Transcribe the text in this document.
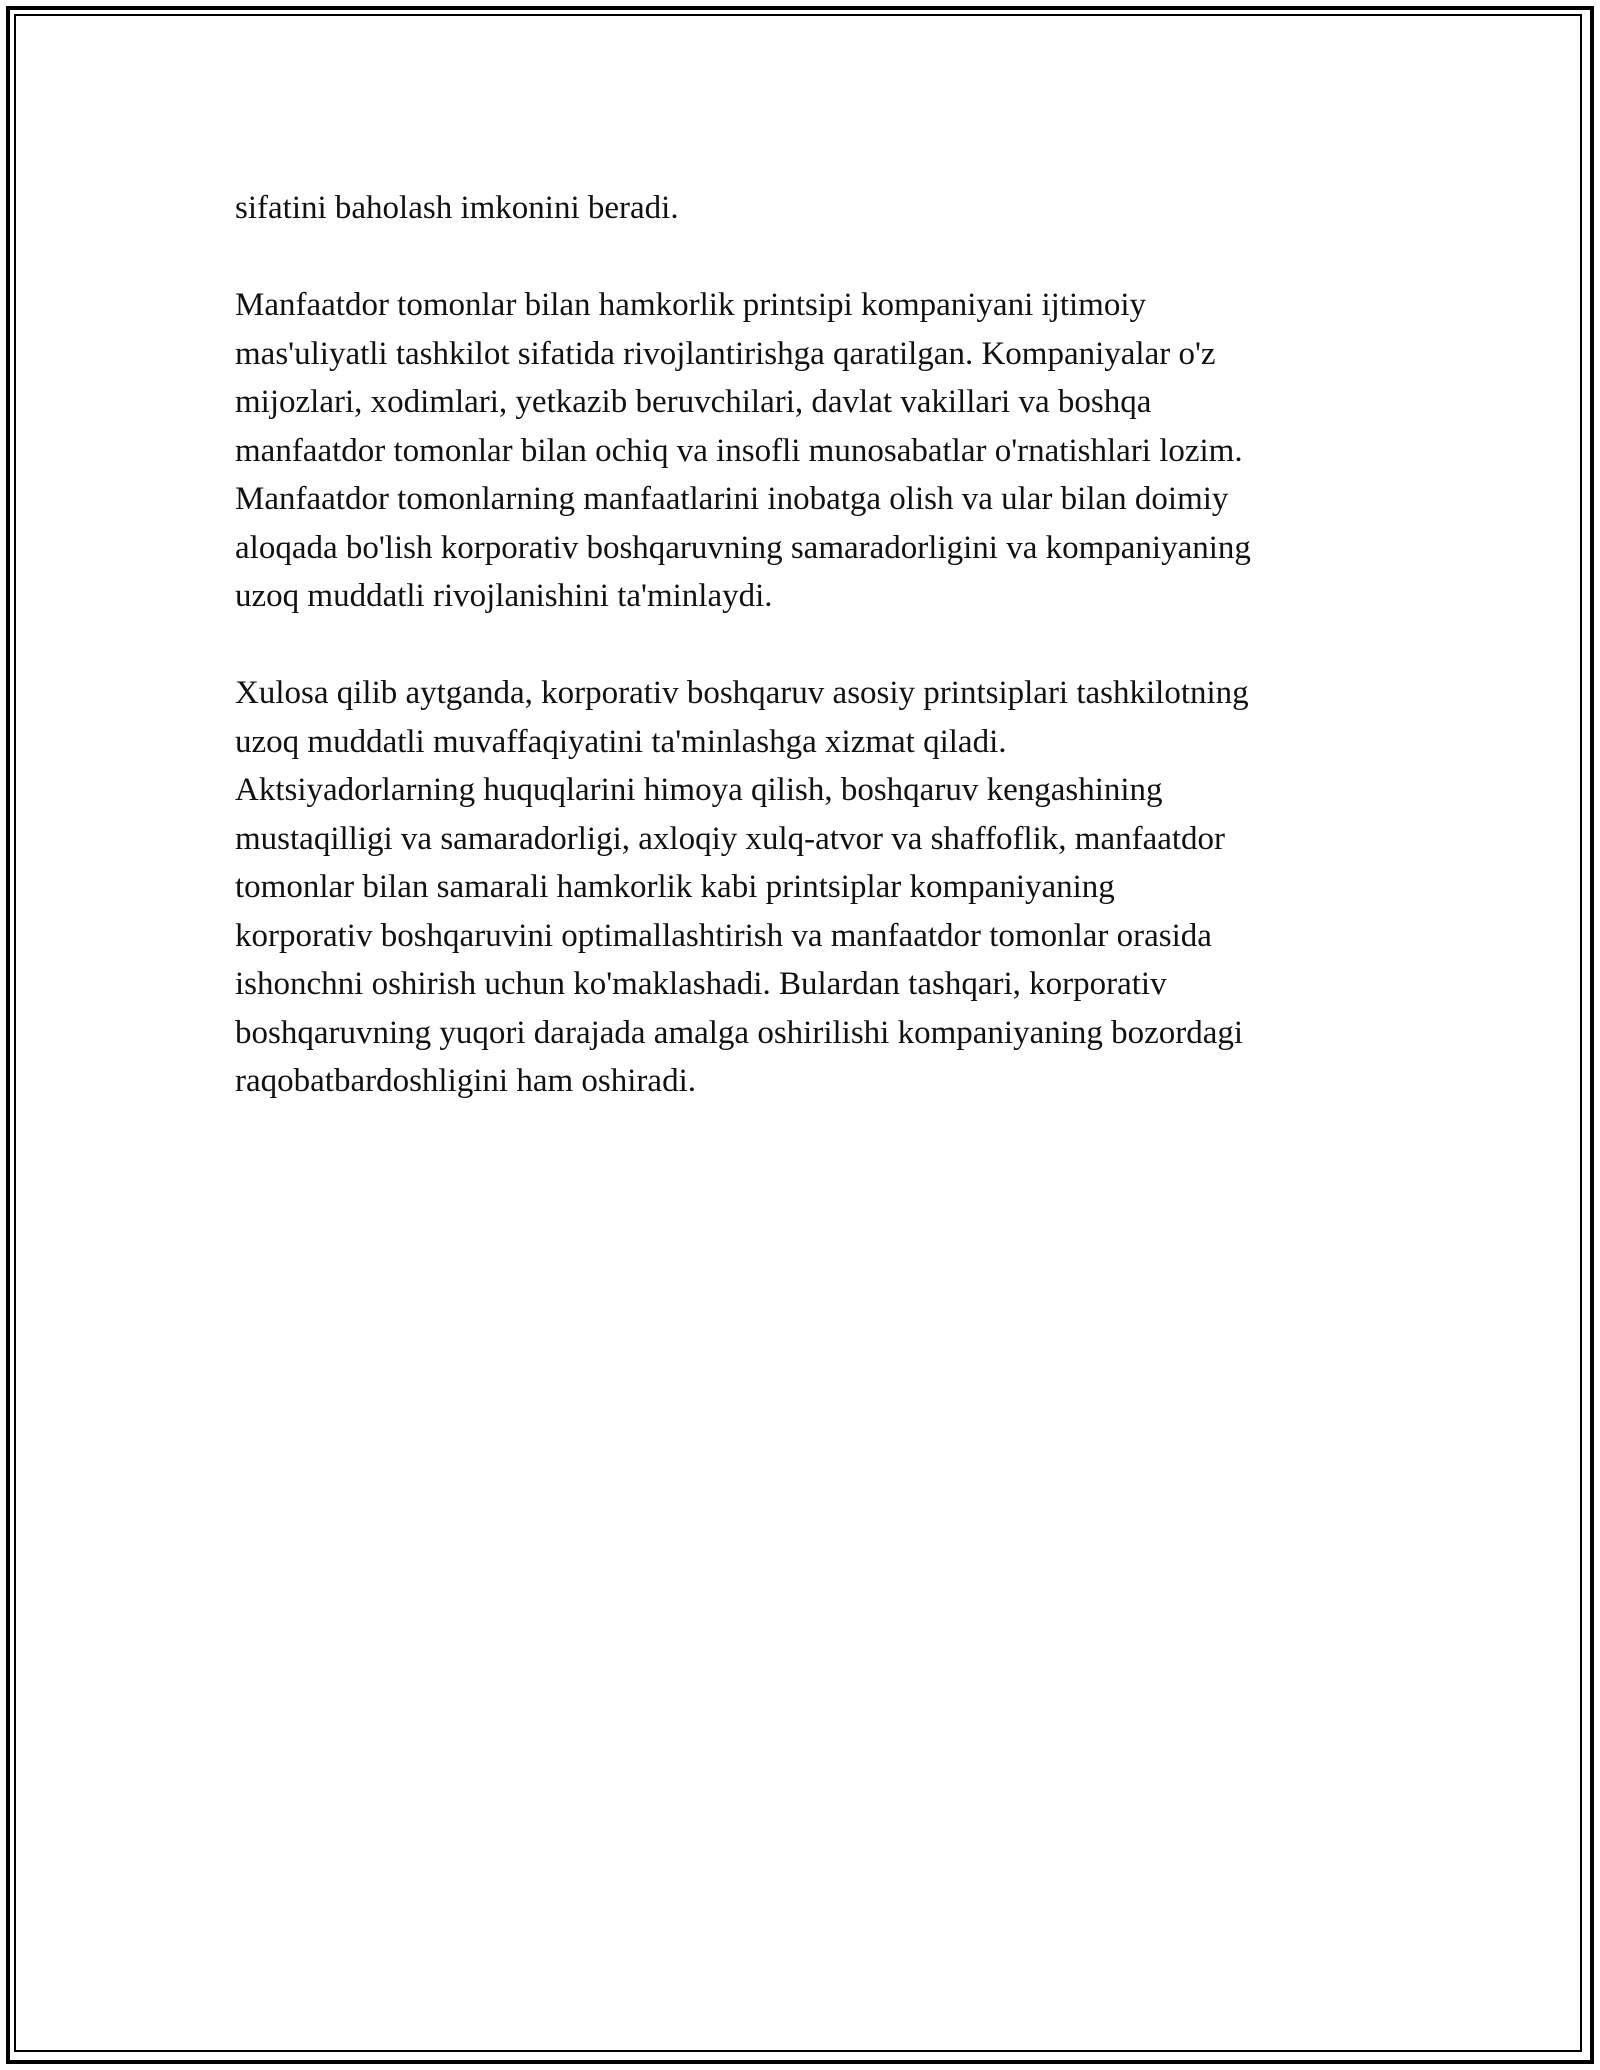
sifatini baholash imkonini beradi.

Manfaatdor tomonlar bilan hamkorlik printsipi kompaniyani ijtimoiy
mas'uliyatli tashkilot sifatida rivojlantirishga qaratilgan. Kompaniyalar o'z
mijozlari, xodimlari, yetkazib beruvchilari, davlat vakillari va boshqa
manfaatdor tomonlar bilan ochiq va insofli munosabatlar o'rnatishlari lozim.
Manfaatdor tomonlarning manfaatlarini inobatga olish va ular bilan doimiy
aloqada bo'lish korporativ boshqaruvning samaradorligini va kompaniyaning
uzoq muddatli rivojlanishini ta'minlaydi.

Xulosa qilib aytganda, korporativ boshqaruv asosiy printsiplari tashkilotning
uzoq muddatli muvaffaqiyatini ta'minlashga xizmat qiladi.
Aktsiyadorlarning huquqlarini himoya qilish, boshqaruv kengashining
mustaqilligi va samaradorligi, axloqiy xulq-atvor va shaffoflik, manfaatdor
tomonlar bilan samarali hamkorlik kabi printsiplar kompaniyaning
korporativ boshqaruvini optimallashtirish va manfaatdor tomonlar orasida
ishonchni oshirish uchun ko'maklashadi. Bulardan tashqari, korporativ
boshqaruvning yuqori darajada amalga oshirilishi kompaniyaning bozordagi
raqobatbardoshligini ham oshiradi.
